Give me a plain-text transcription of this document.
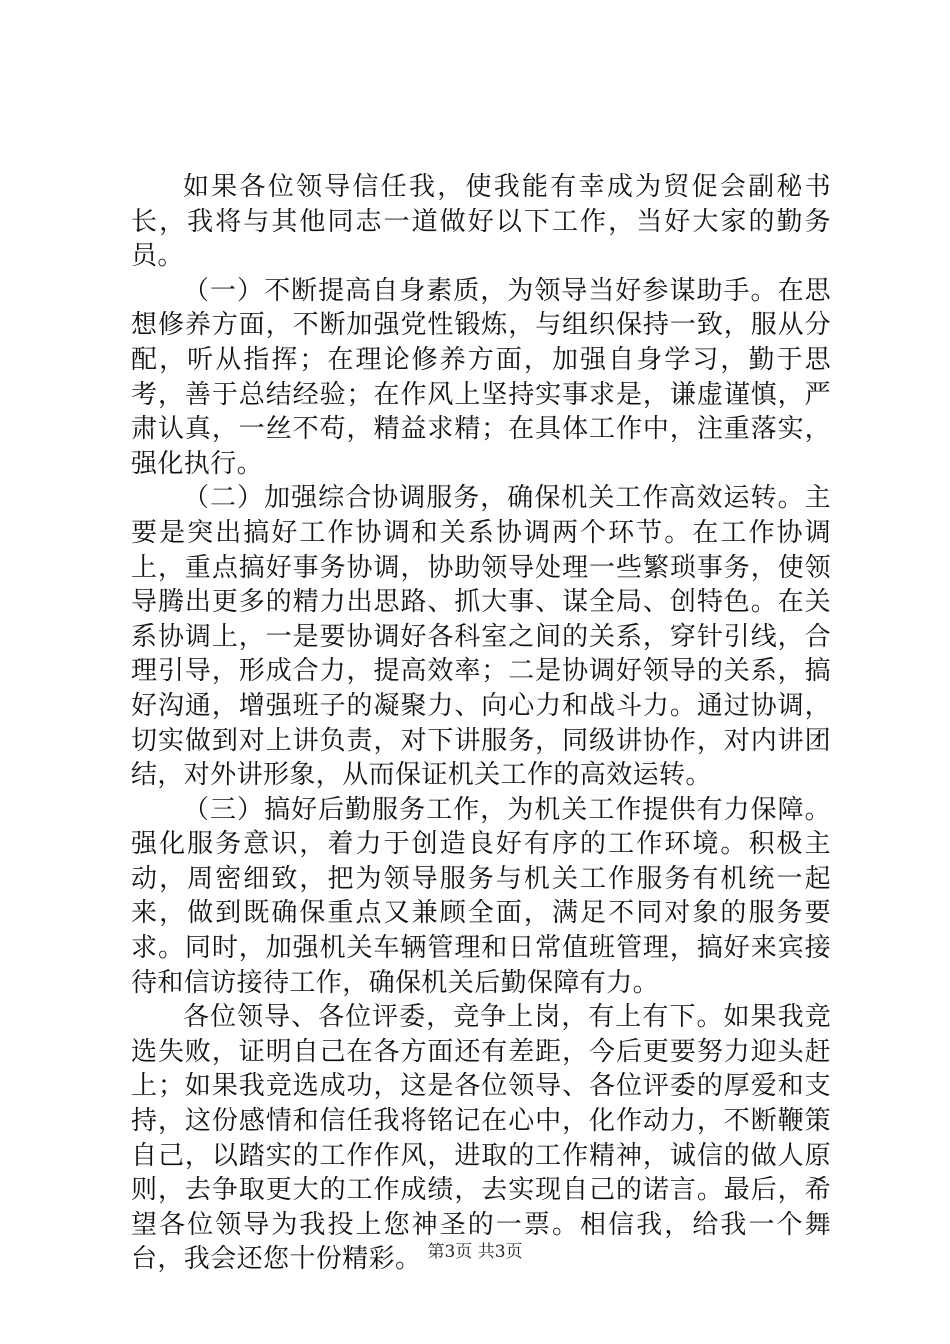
如果各位领导信任我，使我能有幸成为贸促会副秘书长，我将与其他同志一道做好以下工作，当好大家的勤务员。

（一）不断提高自身素质，为领导当好参谋助手。在思想修养方面，不断加强党性锻炼，与组织保持一致，服从分配，听从指挥；在理论修养方面，加强自身学习，勤于思考，善于总结经验；在作风上坚持实事求是，谦虚谨慎，严肃认真，一丝不苟，精益求精；在具体工作中，注重落实，强化执行。

（二）加强综合协调服务，确保机关工作高效运转。主要是突出搞好工作协调和关系协调两个环节。在工作协调上，重点搞好事务协调，协助领导处理一些繁琐事务，使领导腾出更多的精力出思路、抓大事、谋全局、创特色。在关系协调上，一是要协调好各科室之间的关系，穿针引线，合理引导，形成合力，提高效率；二是协调好领导的关系，搞好沟通，增强班子的凝聚力、向心力和战斗力。通过协调，切实做到对上讲负责，对下讲服务，同级讲协作，对内讲团结，对外讲形象，从而保证机关工作的高效运转。

（三）搞好后勤服务工作，为机关工作提供有力保障。强化服务意识，着力于创造良好有序的工作环境。积极主动，周密细致，把为领导服务与机关工作服务有机统一起来，做到既确保重点又兼顾全面，满足不同对象的服务要求。同时，加强机关车辆管理和日常值班管理，搞好来宾接待和信访接待工作，确保机关后勤保障有力。

各位领导、各位评委，竞争上岗，有上有下。如果我竞选失败，证明自己在各方面还有差距，今后更要努力迎头赶上；如果我竞选成功，这是各位领导、各位评委的厚爱和支持，这份感情和信任我将铭记在心中，化作动力，不断鞭策自己，以踏实的工作作风，进取的工作精神，诚信的做人原则，去争取更大的工作成绩，去实现自己的诺言。最后，希望各位领导为我投上您神圣的一票。相信我，给我一个舞台，我会还您十份精彩。 第3页 共3页
